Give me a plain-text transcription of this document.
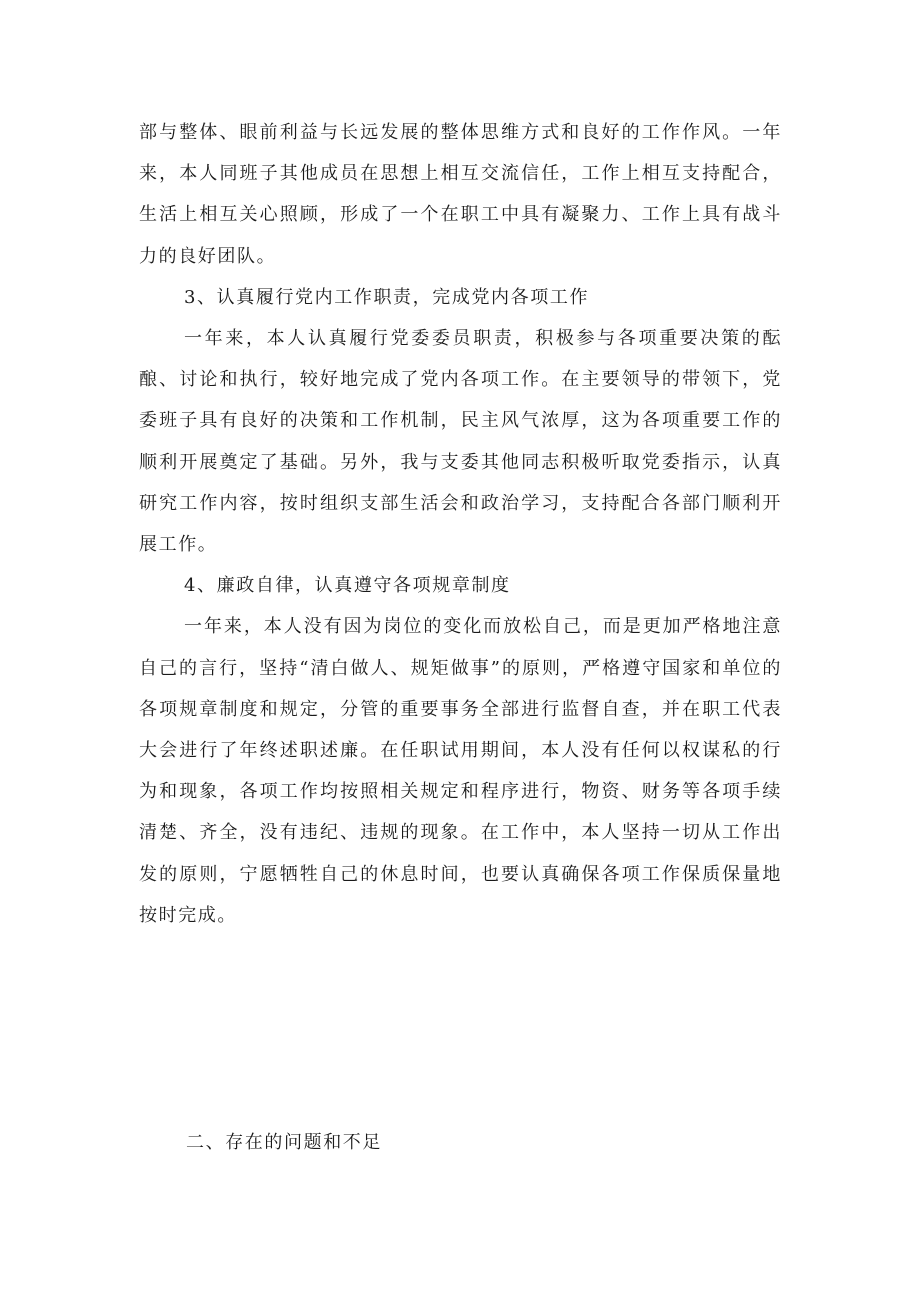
部与整体、眼前利益与长远发展的整体思维方式和良好的工作作风。一年来，本人同班子其他成员在思想上相互交流信任，工作上相互支持配合，生活上相互关心照顾，形成了一个在职工中具有凝聚力、工作上具有战斗力的良好团队。

3、认真履行党内工作职责，完成党内各项工作

一年来，本人认真履行党委委员职责，积极参与各项重要决策的酝酿、讨论和执行，较好地完成了党内各项工作。在主要领导的带领下，党委班子具有良好的决策和工作机制，民主风气浓厚，这为各项重要工作的顺利开展奠定了基础。另外，我与支委其他同志积极听取党委指示，认真研究工作内容，按时组织支部生活会和政治学习，支持配合各部门顺利开展工作。

4、廉政自律，认真遵守各项规章制度

一年来，本人没有因为岗位的变化而放松自己，而是更加严格地注意自己的言行，坚持“清白做人、规矩做事”的原则，严格遵守国家和单位的各项规章制度和规定，分管的重要事务全部进行监督自查，并在职工代表大会进行了年终述职述廉。在任职试用期间，本人没有任何以权谋私的行为和现象，各项工作均按照相关规定和程序进行，物资、财务等各项手续清楚、齐全，没有违纪、违规的现象。在工作中，本人坚持一切从工作出发的原则，宁愿牺牲自己的休息时间，也要认真确保各项工作保质保量地按时完成。

二、存在的问题和不足
